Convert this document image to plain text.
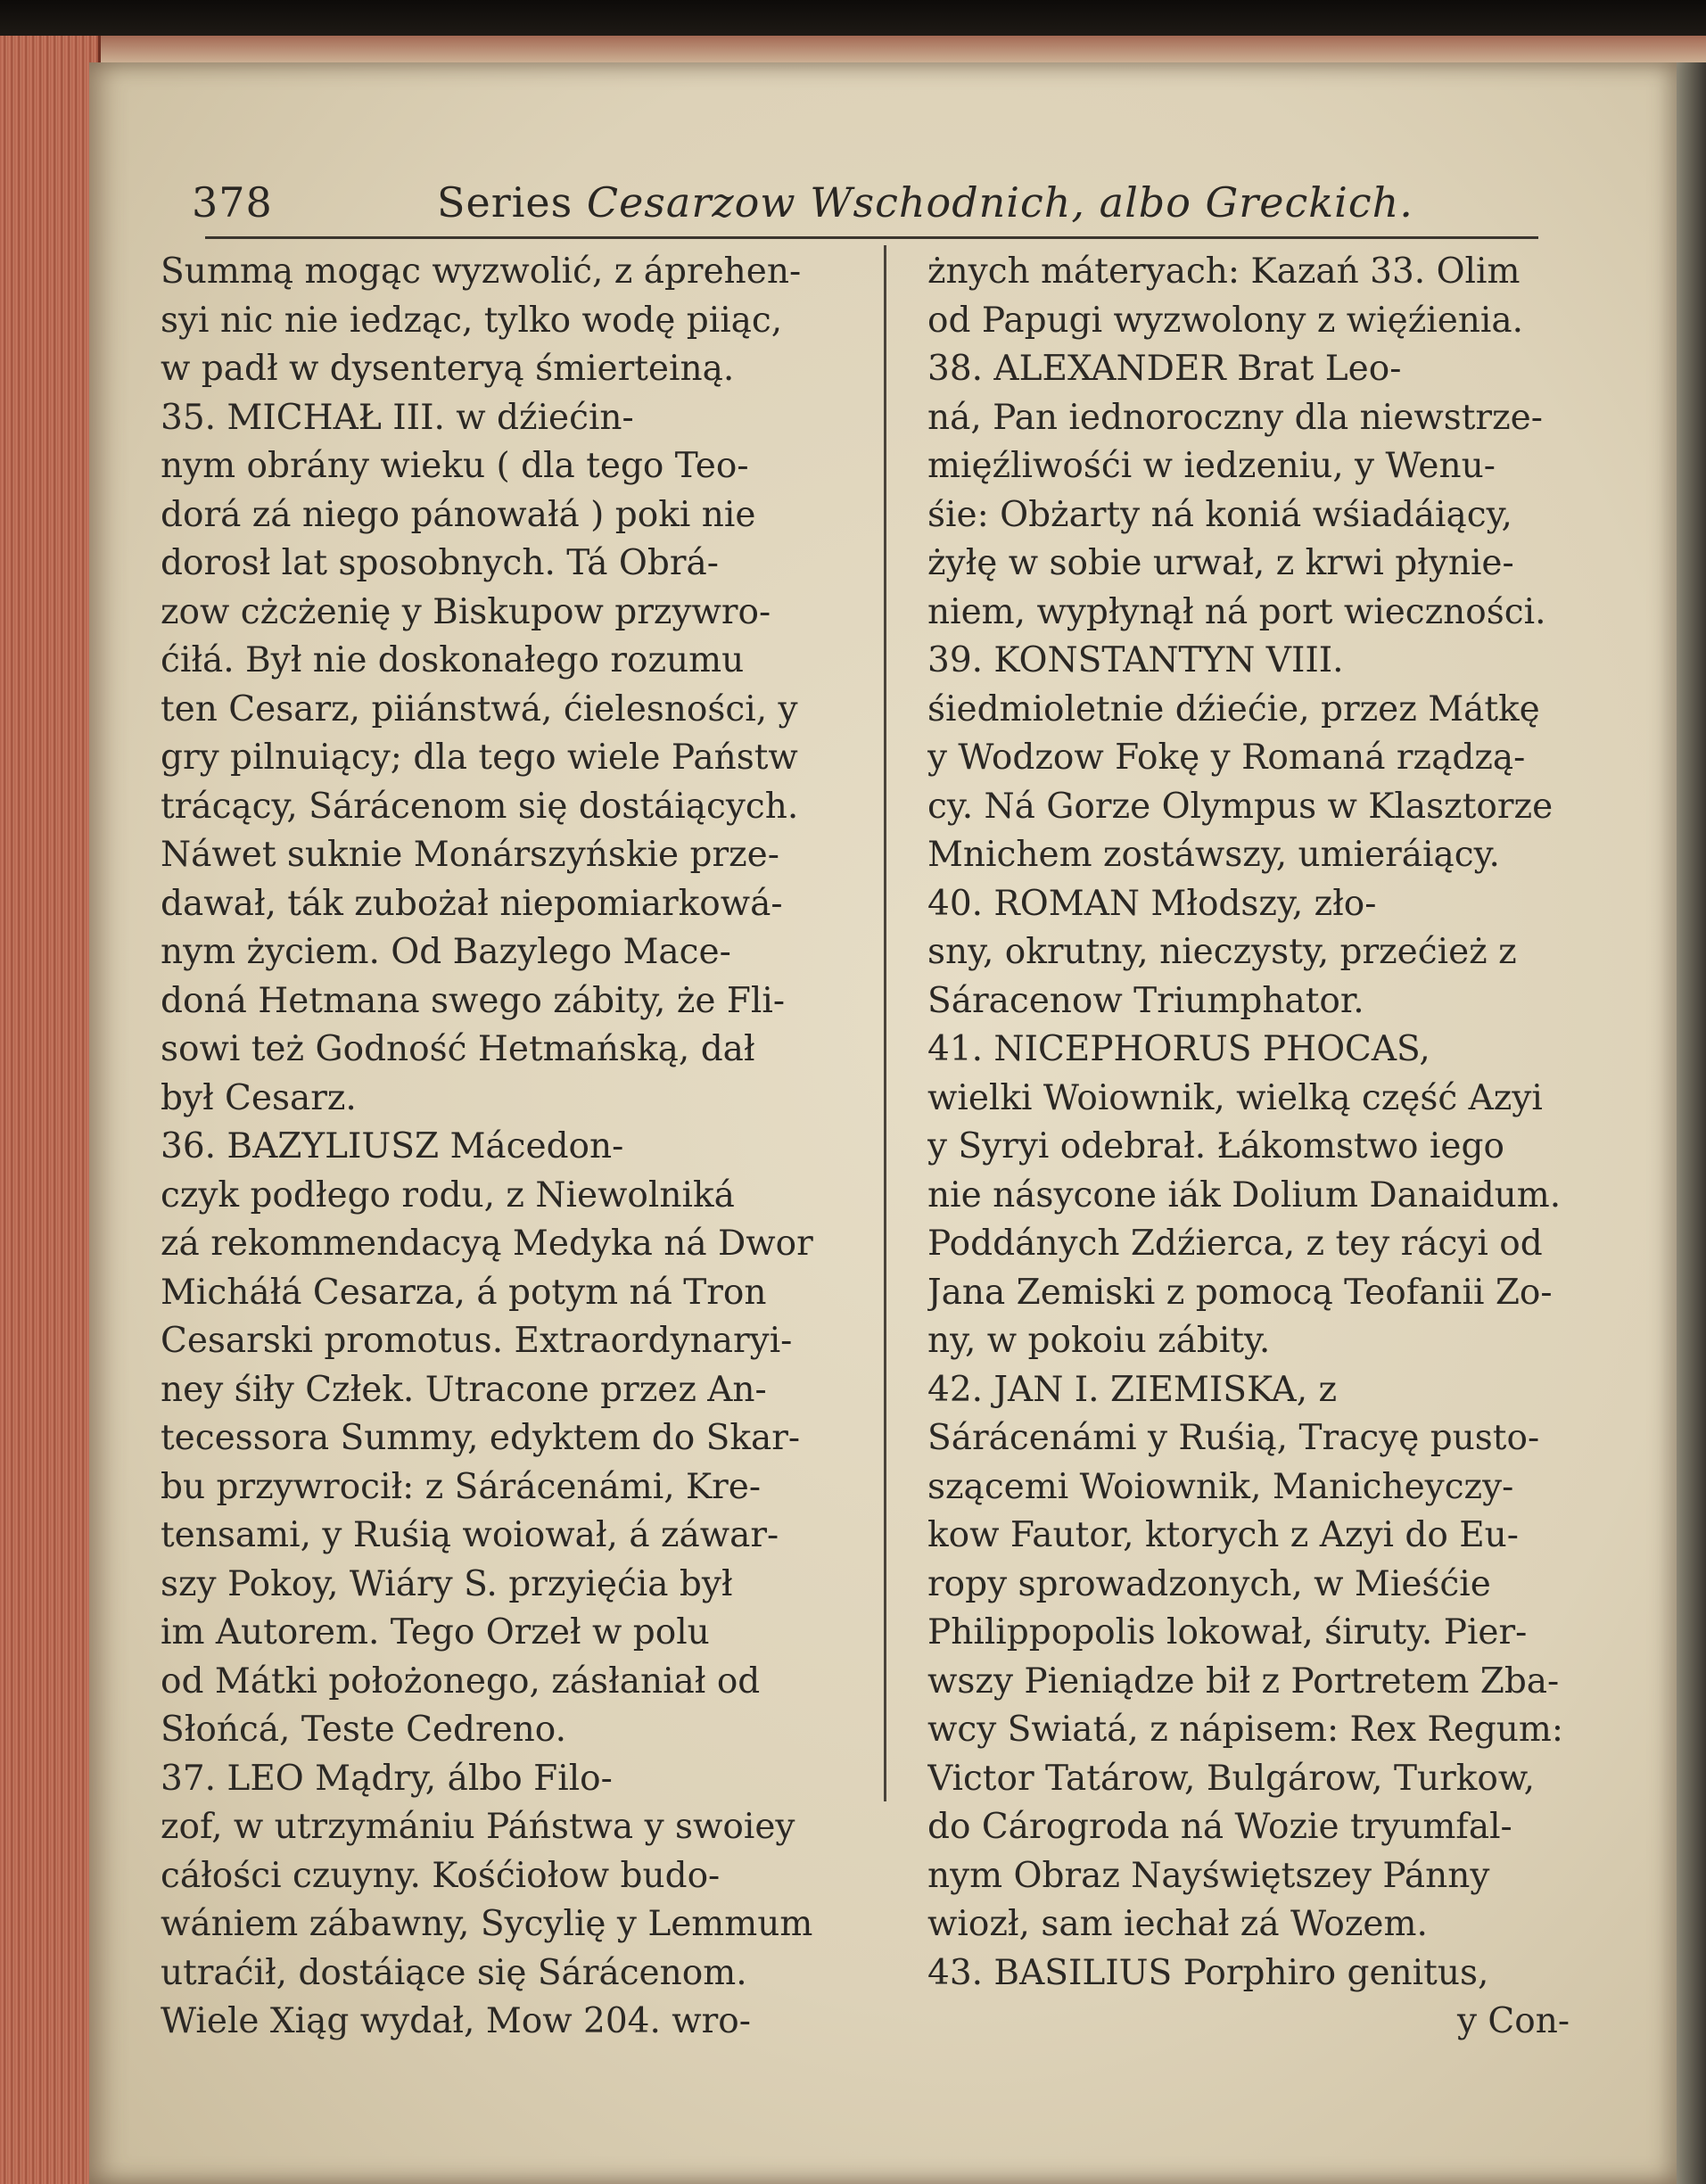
378	Series Cesarzow Wschodnich, albo Greckich.
Summą mogąc wyzwolić, z áprehen-
syi nic nie iedząc, tylko wodę piiąc,
w padł w dysenteryą śmierteiną.
35. MICHAŁ III. w dźiećin-
nym obrány wieku ( dla tego Teo-
dorá zá niego pánowałá ) poki nie
dorosł lat sposobnych. Tá Obrá-
zow cżcżenię y Biskupow przywro-
ćiłá. Był nie doskonałego rozumu
ten Cesarz, piiánstwá, ćielesności, y
gry pilnuiący; dla tego wiele Państw
trácący, Sárácenom się dostáiących.
Náwet suknie Monárszyńskie prze-
dawał, ták zubożał niepomiarkowá-
nym życiem. Od Bazylego Mace-
doná Hetmana swego zábity, że Fli-
sowi też Godność Hetmańską, dał
był Cesarz.
36. BAZYLIUSZ Mácedon-
czyk podłego rodu, z Niewolniká
zá rekommendacyą Medyka ná Dwor
Micháłá Cesarza, á potym ná Tron
Cesarski promotus. Extraordynaryi-
ney śiły Człek. Utracone przez An-
tecessora Summy, edyktem do Skar-
bu przywrocił: z Sárácenámi, Kre-
tensami, y Ruśią woiował, á záwar-
szy Pokoy, Wiáry S. przyięćia był
im Autorem. Tego Orzeł w polu
od Mátki położonego, zásłaniał od
Słońcá, Teste Cedreno.
37. LEO Mądry, álbo Filo-
zof, w utrzymániu Páństwa y swoiey
cáłości czuyny. Kośćiołow budo-
wániem zábawny, Sycylię y Lemmum
utraćił, dostáiące się Sárácenom.
Wiele Xiąg wydał, Mow 204. wro-
żnych máteryach: Kazań 33. Olim
od Papugi wyzwolony z więźienia.
38. ALEXANDER Brat Leo-
ná, Pan iednoroczny dla niewstrze-
mięźliwośći w iedzeniu, y Wenu-
śie: Obżarty ná koniá wśiadáiący,
żyłę w sobie urwał, z krwi płynie-
niem, wypłynął ná port wieczności.
39. KONSTANTYN VIII.
śiedmioletnie dźiećie, przez Mátkę
y Wodzow Fokę y Romaná rządzą-
cy. Ná Gorze Olympus w Klasztorze
Mnichem zostáwszy, umieráiący.
40. ROMAN Młodszy, zło-
sny, okrutny, nieczysty, przećież z
Sáracenow Triumphator.
41. NICEPHORUS PHOCAS,
wielki Woiownik, wielką część Azyi
y Syryi odebrał. Łákomstwo iego
nie násycone iák Dolium Danaidum.
Poddánych Zdźierca, z tey rácyi od
Jana Zemiski z pomocą Teofanii Zo-
ny, w pokoiu zábity.
42. JAN I. ZIEMISKA, z
Sárácenámi y Ruśią, Tracyę pusto-
szącemi Woiownik, Manicheyczy-
kow Fautor, ktorych z Azyi do Eu-
ropy sprowadzonych, w Mieśćie
Philippopolis lokował, śiruty. Pier-
wszy Pieniądze bił z Portretem Zba-
wcy Swiatá, z nápisem: Rex Regum:
Victor Tatárow, Bulgárow, Turkow,
do Cárogroda ná Wozie tryumfal-
nym Obraz Nayświętszey Pánny
wiozł, sam iechał zá Wozem.
43. BASILIUS Porphiro genitus,
y Con-
